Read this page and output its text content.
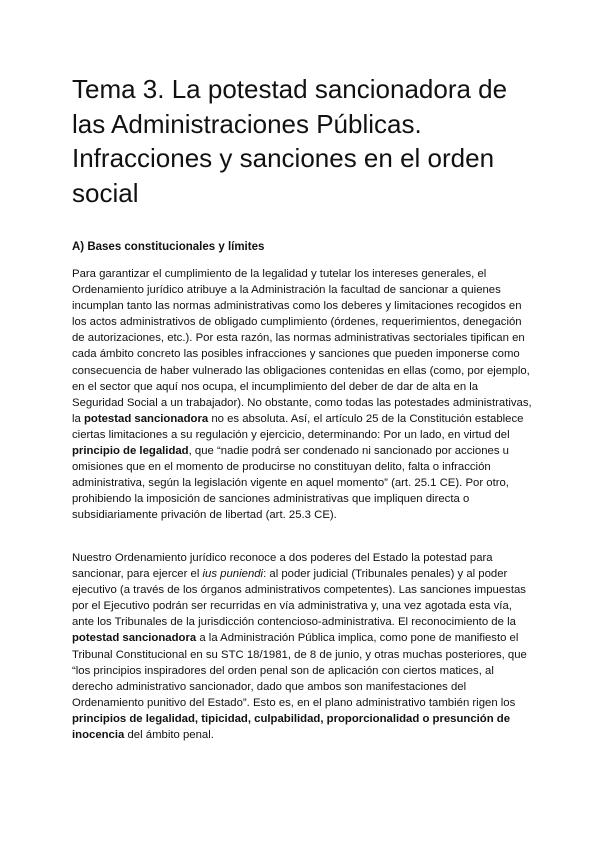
Tema 3. La potestad sancionadora de las Administraciones Públicas. Infracciones y sanciones en el orden social
A) Bases constitucionales y límites

Para garantizar el cumplimiento de la legalidad y tutelar los intereses generales, el Ordenamiento jurídico atribuye a la Administración la facultad de sancionar a quienes incumplan tanto las normas administrativas como los deberes y limitaciones recogidos en los actos administrativos de obligado cumplimiento (órdenes, requerimientos, denegación de autorizaciones, etc.). Por esta razón, las normas administrativas sectoriales tipifican en cada ámbito concreto las posibles infracciones y sanciones que pueden imponerse como consecuencia de haber vulnerado las obligaciones contenidas en ellas (como, por ejemplo, en el sector que aquí nos ocupa, el incumplimiento del deber de dar de alta en la Seguridad Social a un trabajador). No obstante, como todas las potestades administrativas, la potestad sancionadora no es absoluta. Así, el artículo 25 de la Constitución establece ciertas limitaciones a su regulación y ejercicio, determinando: Por un lado, en virtud del principio de legalidad, que “nadie podrá ser condenado ni sancionado por acciones u omisiones que en el momento de producirse no constituyan delito, falta o infracción administrativa, según la legislación vigente en aquel momento” (art. 25.1 CE). Por otro, prohibiendo la imposición de sanciones administrativas que impliquen directa o subsidiariamente privación de libertad (art. 25.3 CE).

Nuestro Ordenamiento jurídico reconoce a dos poderes del Estado la potestad para sancionar, para ejercer el ius puniendi: al poder judicial (Tribunales penales) y al poder ejecutivo (a través de los órganos administrativos competentes). Las sanciones impuestas por el Ejecutivo podrán ser recurridas en vía administrativa y, una vez agotada esta vía, ante los Tribunales de la jurisdicción contencioso-administrativa. El reconocimiento de la potestad sancionadora a la Administración Pública implica, como pone de manifiesto el Tribunal Constitucional en su STC 18/1981, de 8 de junio, y otras muchas posteriores, que “los principios inspiradores del orden penal son de aplicación con ciertos matices, al derecho administrativo sancionador, dado que ambos son manifestaciones del Ordenamiento punitivo del Estado”. Esto es, en el plano administrativo también rigen los principios de legalidad, tipicidad, culpabilidad, proporcionalidad o presunción de inocencia del ámbito penal.
